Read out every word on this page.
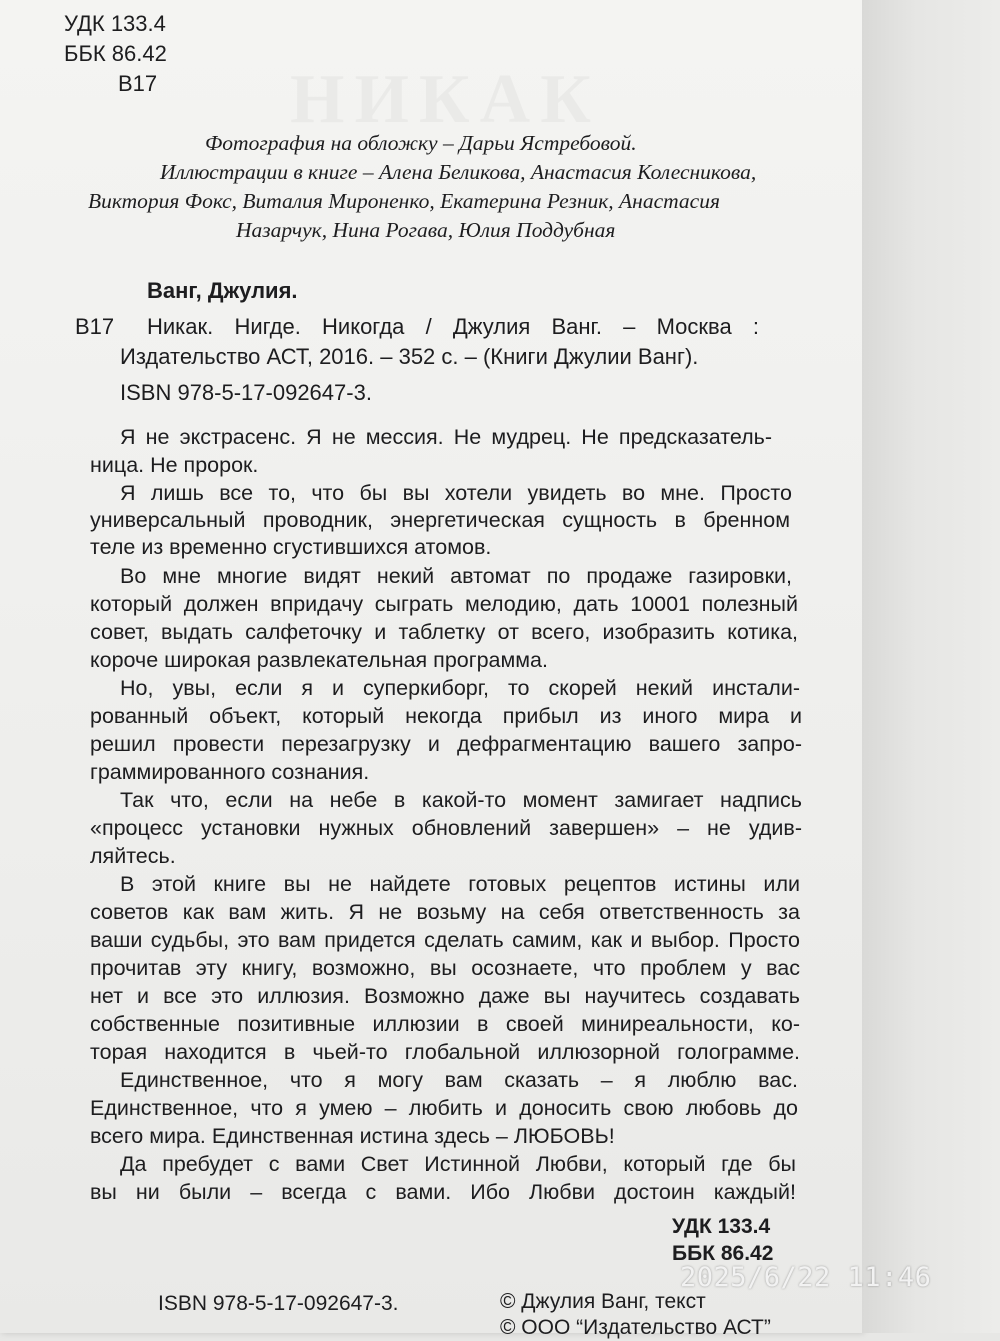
УДК 133.4
ББК 86.42
В17
Фотография на обложку – Дарьи Ястребовой.
Иллюстрации в книге – Алена Беликова, Анастасия Колесникова,
Виктория Фокс, Виталия Мироненко, Екатерина Резник, Анастасия
Назарчук, Нина Рогава, Юлия Поддубная
Ванг, Джулия.
В17 Никак. Нигде. Никогда / Джулия Ванг. – Москва :
Издательство АСТ, 2016. – 352 с. – (Книги Джулии Ванг).
ISBN 978-5-17-092647-3.
Я не экстрасенс. Я не мессия. Не мудрец. Не предсказатель-
ница. Не пророк.
Я лишь все то, что бы вы хотели увидеть во мне. Просто
универсальный проводник, энергетическая сущность в бренном
теле из временно сгустившихся атомов.
Во мне многие видят некий автомат по продаже газировки,
который должен впридачу сыграть мелодию, дать 10001 полезный
совет, выдать салфеточку и таблетку от всего, изобразить котика,
короче широкая развлекательная программа.
Но, увы, если я и суперкиборг, то скорей некий инстали-
рованный объект, который некогда прибыл из иного мира и
решил провести перезагрузку и дефрагментацию вашего запро-
граммированного сознания.
Так что, если на небе в какой-то момент замигает надпись
«процесс установки нужных обновлений завершен» – не удив-
ляйтесь.
В этой книге вы не найдете готовых рецептов истины или
советов как вам жить. Я не возьму на себя ответственность за
ваши судьбы, это вам придется сделать самим, как и выбор. Просто
прочитав эту книгу, возможно, вы осознаете, что проблем у вас
нет и все это иллюзия. Возможно даже вы научитесь создавать
собственные позитивные иллюзии в своей миниреальности, ко-
торая находится в чьей-то глобальной иллюзорной голограмме.
Единственное, что я могу вам сказать – я люблю вас.
Единственное, что я умею – любить и доносить свою любовь до
всего мира. Единственная истина здесь – ЛЮБОВЬ!
Да пребудет с вами Свет Истинной Любви, который где бы
вы ни были – всегда с вами. Ибо Любви достоин каждый!
УДК 133.4
ББК 86.42
ISBN 978-5-17-092647-3.	© Джулия Ванг, текст
© ООО “Издательство АСТ”
2025/6/22 11:46
